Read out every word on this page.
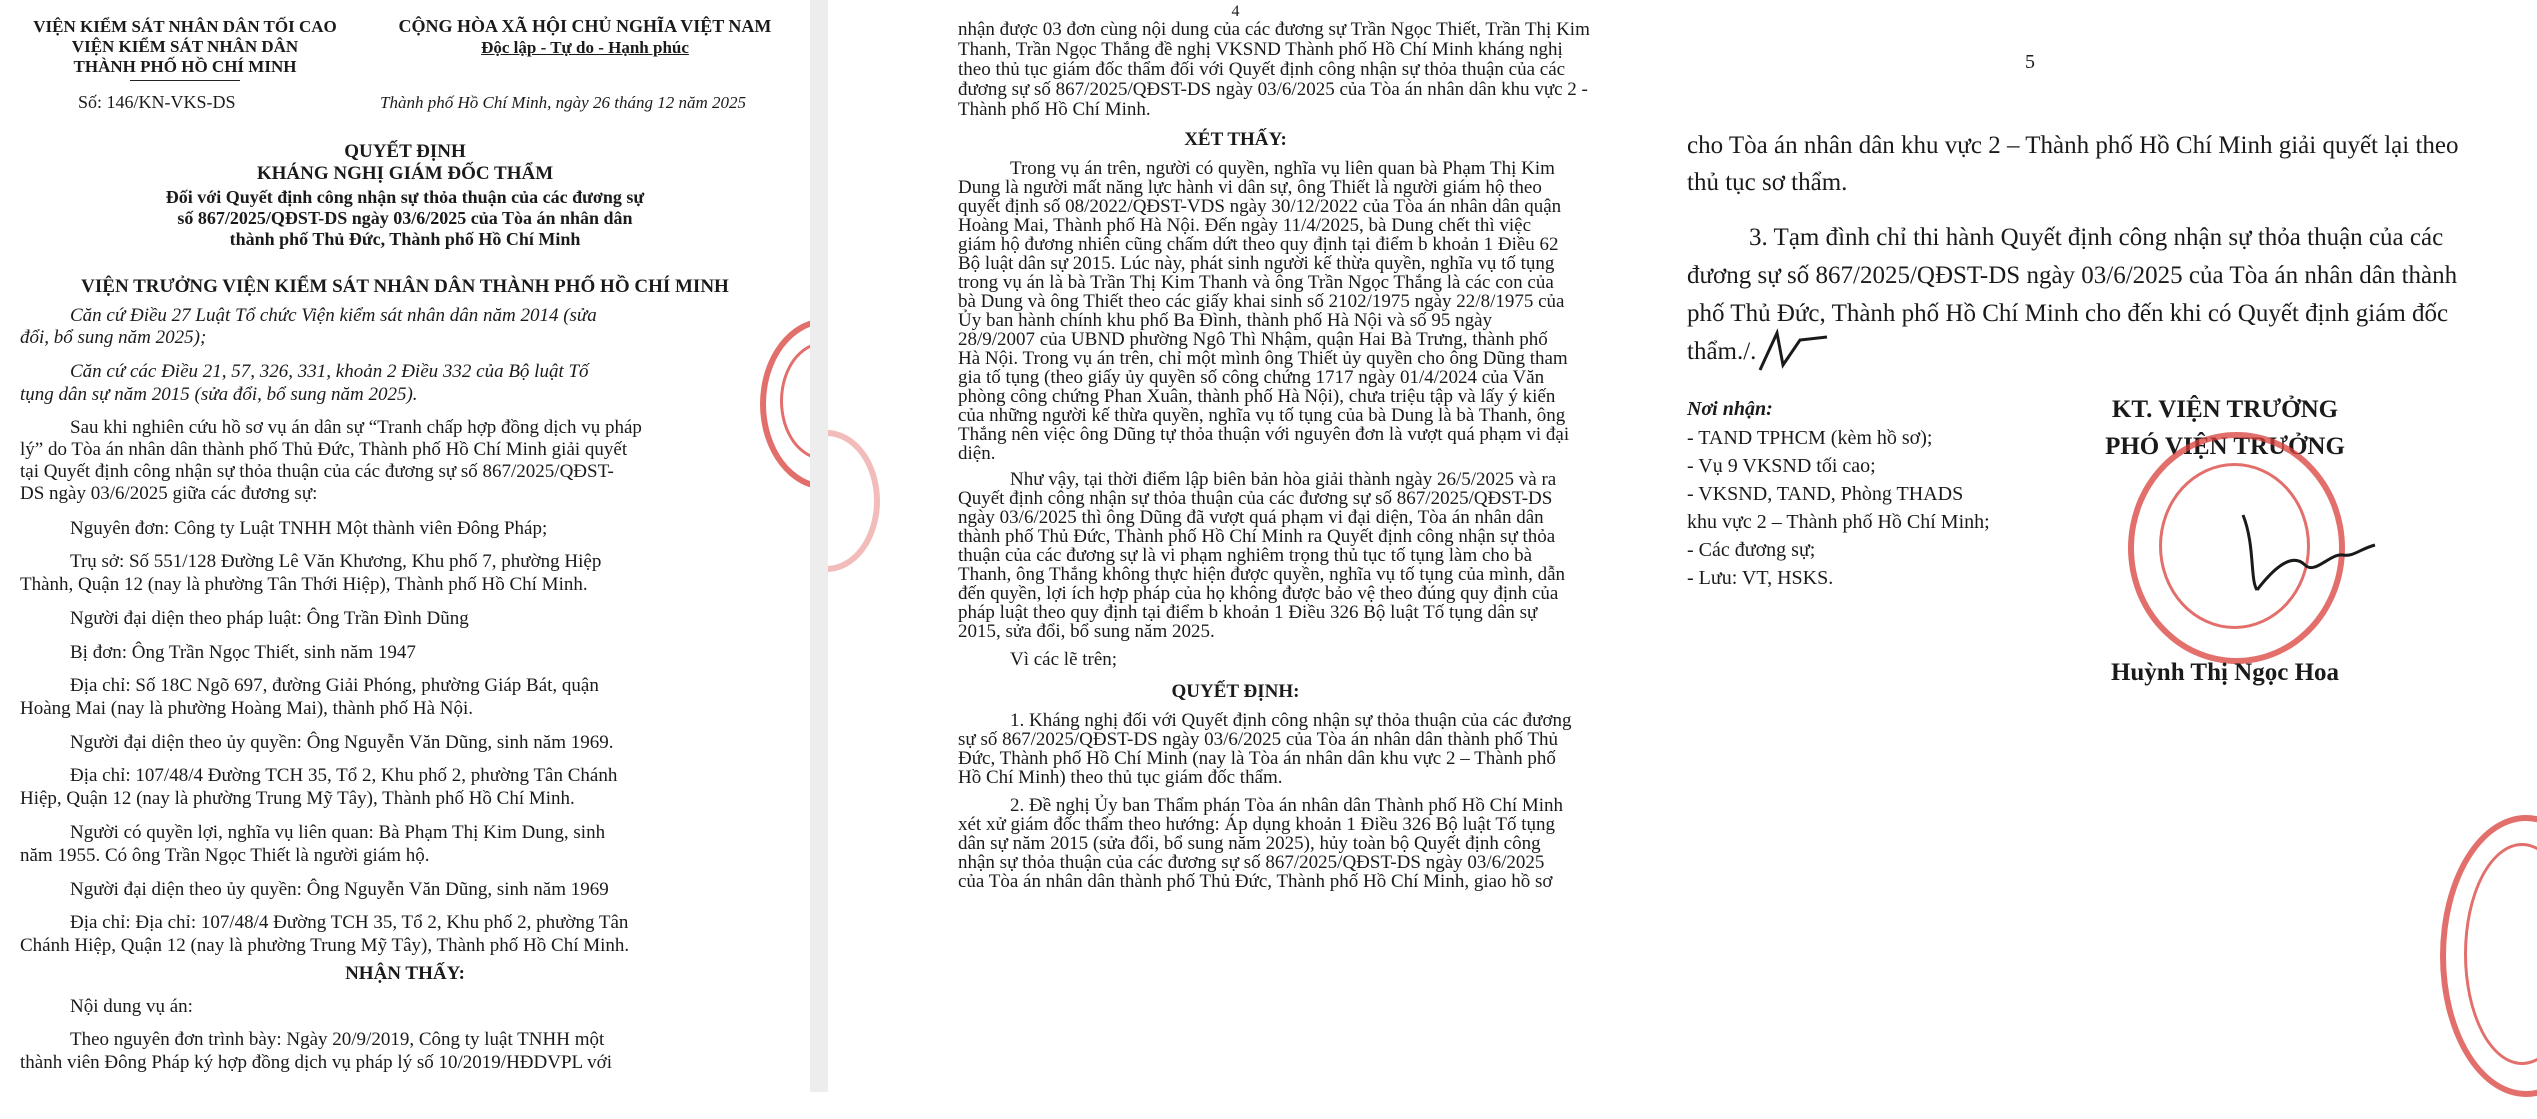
VIỆN KIỂM SÁT NHÂN DÂN TỐI CAO

VIỆN KIỂM SÁT NHÂN DÂN

THÀNH PHỐ HỒ CHÍ MINH

CỘNG HÒA XÃ HỘI CHỦ NGHĨA VIỆT NAM

Độc lập - Tự do - Hạnh phúc

Số: 146/KN-VKS-DS	Thành phố Hồ Chí Minh, ngày 26 tháng 12 năm 2025

QUYẾT ĐỊNH

KHÁNG NGHỊ GIÁM ĐỐC THẨM

Đối với Quyết định công nhận sự thỏa thuận của các đương sự

số 867/2025/QĐST-DS ngày 03/6/2025 của Tòa án nhân dân

thành phố Thủ Đức, Thành phố Hồ Chí Minh

VIỆN TRƯỞNG VIỆN KIỂM SÁT NHÂN DÂN THÀNH PHỐ HỒ CHÍ MINH

Căn cứ Điều 27 Luật Tổ chức Viện kiểm sát nhân dân năm 2014 (sửa

đổi, bổ sung năm 2025);

Căn cứ các Điều 21, 57, 326, 331, khoản 2 Điều 332 của Bộ luật Tố

tụng dân sự năm 2015 (sửa đổi, bổ sung năm 2025).

Sau khi nghiên cứu hồ sơ vụ án dân sự “Tranh chấp hợp đồng dịch vụ pháp

lý” do Tòa án nhân dân thành phố Thủ Đức, Thành phố Hồ Chí Minh giải quyết

tại Quyết định công nhận sự thỏa thuận của các đương sự số 867/2025/QĐST-

DS ngày 03/6/2025 giữa các đương sự:

Nguyên đơn: Công ty Luật TNHH Một thành viên Đông Pháp;

Trụ sở: Số 551/128 Đường Lê Văn Khương, Khu phố 7, phường Hiệp

Thành, Quận 12 (nay là phường Tân Thới Hiệp), Thành phố Hồ Chí Minh.

Người đại diện theo pháp luật: Ông Trần Đình Dũng

Bị đơn: Ông Trần Ngọc Thiết, sinh năm 1947

Địa chỉ: Số 18C Ngõ 697, đường Giải Phóng, phường Giáp Bát, quận

Hoàng Mai (nay là phường Hoàng Mai), thành phố Hà Nội.

Người đại diện theo ủy quyền: Ông Nguyễn Văn Dũng, sinh năm 1969.

Địa chỉ: 107/48/4 Đường TCH 35, Tổ 2, Khu phố 2, phường Tân Chánh

Hiệp, Quận 12 (nay là phường Trung Mỹ Tây), Thành phố Hồ Chí Minh.

Người có quyền lợi, nghĩa vụ liên quan: Bà Phạm Thị Kim Dung, sinh

năm 1955. Có ông Trần Ngọc Thiết là người giám hộ.

Người đại diện theo ủy quyền: Ông Nguyễn Văn Dũng, sinh năm 1969

Địa chỉ: Địa chỉ: 107/48/4 Đường TCH 35, Tổ 2, Khu phố 2, phường Tân

Chánh Hiệp, Quận 12 (nay là phường Trung Mỹ Tây), Thành phố Hồ Chí Minh.

NHẬN THẤY:

Nội dung vụ án:

Theo nguyên đơn trình bày: Ngày 20/9/2019, Công ty luật TNHH một

thành viên Đông Pháp ký hợp đồng dịch vụ pháp lý số 10/2019/HĐDVPL với

4

nhận được 03 đơn cùng nội dung của các đương sự Trần Ngọc Thiết, Trần Thị Kim

Thanh, Trần Ngọc Thắng đề nghị VKSND Thành phố Hồ Chí Minh kháng nghị

theo thủ tục giám đốc thẩm đối với Quyết định công nhận sự thỏa thuận của các

đương sự số 867/2025/QĐST-DS ngày 03/6/2025 của Tòa án nhân dân khu vực 2 -

Thành phố Hồ Chí Minh.

XÉT THẤY:

Trong vụ án trên, người có quyền, nghĩa vụ liên quan bà Phạm Thị Kim

Dung là người mất năng lực hành vi dân sự, ông Thiết là người giám hộ theo

quyết định số 08/2022/QĐST-VDS ngày 30/12/2022 của Tòa án nhân dân quận

Hoàng Mai, Thành phố Hà Nội. Đến ngày 11/4/2025, bà Dung chết thì việc

giám hộ đương nhiên cũng chấm dứt theo quy định tại điểm b khoản 1 Điều 62

Bộ luật dân sự 2015. Lúc này, phát sinh người kế thừa quyền, nghĩa vụ tố tụng

trong vụ án là bà Trần Thị Kim Thanh và ông Trần Ngọc Thắng là các con của

bà Dung và ông Thiết theo các giấy khai sinh số 2102/1975 ngày 22/8/1975 của

Ủy ban hành chính khu phố Ba Đình, thành phố Hà Nội và số 95 ngày

28/9/2007 của UBND phường Ngô Thì Nhậm, quận Hai Bà Trưng, thành phố

Hà Nội. Trong vụ án trên, chỉ một mình ông Thiết ủy quyền cho ông Dũng tham

gia tố tụng (theo giấy ủy quyền số công chứng 1717 ngày 01/4/2024 của Văn

phòng công chứng Phan Xuân, thành phố Hà Nội), chưa triệu tập và lấy ý kiến

của những người kế thừa quyền, nghĩa vụ tố tụng của bà Dung là bà Thanh, ông

Thắng nên việc ông Dũng tự thỏa thuận với nguyên đơn là vượt quá phạm vi đại

diện.

Như vậy, tại thời điểm lập biên bản hòa giải thành ngày 26/5/2025 và ra

Quyết định công nhận sự thỏa thuận của các đương sự số 867/2025/QĐST-DS

ngày 03/6/2025 thì ông Dũng đã vượt quá phạm vi đại diện, Tòa án nhân dân

thành phố Thủ Đức, Thành phố Hồ Chí Minh ra Quyết định công nhận sự thỏa

thuận của các đương sự là vi phạm nghiêm trọng thủ tục tố tụng làm cho bà

Thanh, ông Thắng không thực hiện được quyền, nghĩa vụ tố tụng của mình, dẫn

đến quyền, lợi ích hợp pháp của họ không được bảo vệ theo đúng quy định của

pháp luật theo quy định tại điểm b khoản 1 Điều 326 Bộ luật Tố tụng dân sự

2015, sửa đổi, bổ sung năm 2025.

Vì các lẽ trên;

QUYẾT ĐỊNH:

1. Kháng nghị đối với Quyết định công nhận sự thỏa thuận của các đương

sự số 867/2025/QĐST-DS ngày 03/6/2025 của Tòa án nhân dân thành phố Thủ

Đức, Thành phố Hồ Chí Minh (nay là Tòa án nhân dân khu vực 2 – Thành phố

Hồ Chí Minh) theo thủ tục giám đốc thẩm.

2. Đề nghị Ủy ban Thẩm phán Tòa án nhân dân Thành phố Hồ Chí Minh

xét xử giám đốc thẩm theo hướng: Áp dụng khoản 1 Điều 326 Bộ luật Tố tụng

dân sự năm 2015 (sửa đổi, bổ sung năm 2025), hủy toàn bộ Quyết định công

nhận sự thỏa thuận của các đương sự số 867/2025/QĐST-DS ngày 03/6/2025

của Tòa án nhân dân thành phố Thủ Đức, Thành phố Hồ Chí Minh, giao hồ sơ

5

cho Tòa án nhân dân khu vực 2 – Thành phố Hồ Chí Minh giải quyết lại theo

thủ tục sơ thẩm.

3. Tạm đình chỉ thi hành Quyết định công nhận sự thỏa thuận của các

đương sự số 867/2025/QĐST-DS ngày 03/6/2025 của Tòa án nhân dân thành

phố Thủ Đức, Thành phố Hồ Chí Minh cho đến khi có Quyết định giám đốc

thẩm./.

Nơi nhận:

- TAND TPHCM (kèm hồ sơ);

- Vụ 9 VKSND tối cao;

- VKSND, TAND, Phòng THADS

khu vực 2 – Thành phố Hồ Chí Minh;

- Các đương sự;

- Lưu: VT, HSKS.

KT. VIỆN TRƯỞNG

PHÓ VIỆN TRƯỞNG

Huỳnh Thị Ngọc Hoa
